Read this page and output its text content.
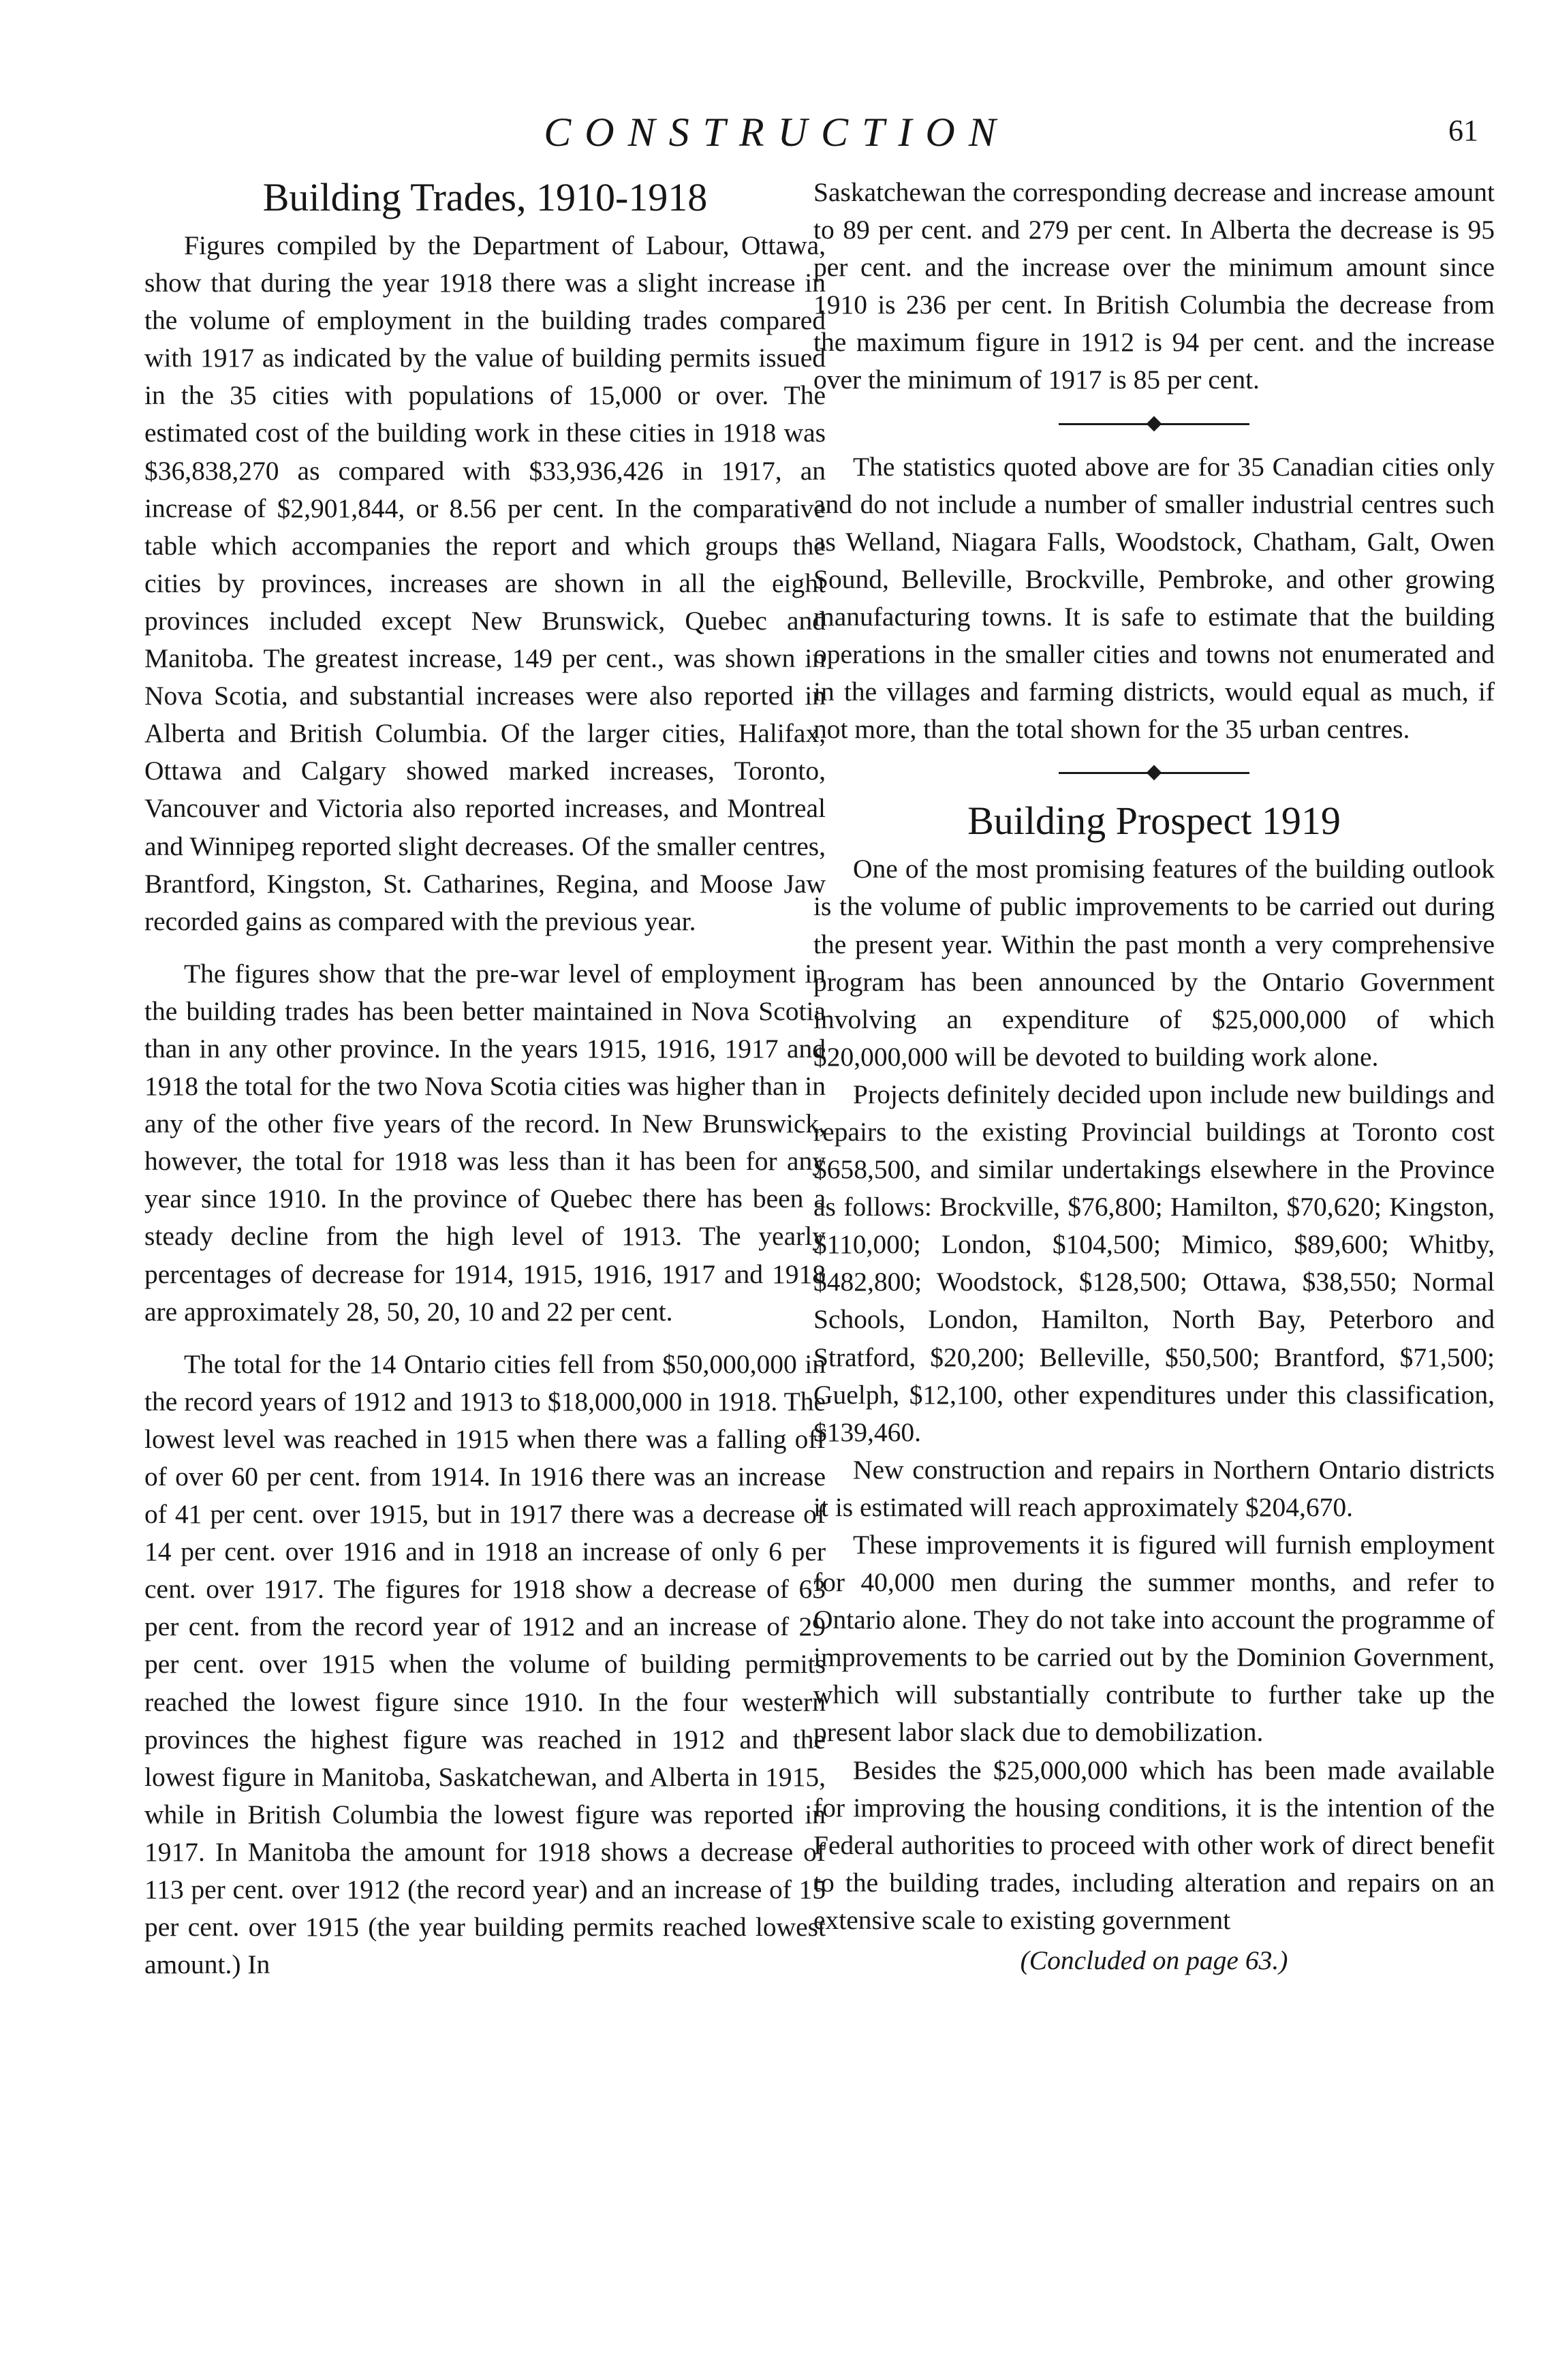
CONSTRUCTION	61
Building Trades, 1910-1918

Figures compiled by the Department of Labour, Ottawa, show that during the year 1918 there was a slight increase in the volume of employment in the building trades compared with 1917 as indicated by the value of building permits issued in the 35 cities with populations of 15,000 or over. The estimated cost of the building work in these cities in 1918 was $36,838,270 as compared with $33,936,426 in 1917, an increase of $2,901,844, or 8.56 per cent. In the comparative table which accompanies the report and which groups the cities by provinces, increases are shown in all the eight provinces included except New Brunswick, Quebec and Manitoba. The greatest increase, 149 per cent., was shown in Nova Scotia, and substantial increases were also reported in Alberta and British Columbia. Of the larger cities, Halifax, Ottawa and Calgary showed marked increases, Toronto, Vancouver and Victoria also reported increases, and Montreal and Winnipeg reported slight decreases. Of the smaller centres, Brantford, Kingston, St. Catharines, Regina, and Moose Jaw recorded gains as compared with the previous year.

The figures show that the pre-war level of employment in the building trades has been better maintained in Nova Scotia than in any other province. In the years 1915, 1916, 1917 and 1918 the total for the two Nova Scotia cities was higher than in any of the other five years of the record. In New Brunswick, however, the total for 1918 was less than it has been for any year since 1910. In the province of Quebec there has been a steady decline from the high level of 1913. The yearly percentages of decrease for 1914, 1915, 1916, 1917 and 1918 are approximately 28, 50, 20, 10 and 22 per cent.

The total for the 14 Ontario cities fell from $50,000,000 in the record years of 1912 and 1913 to $18,000,000 in 1918. The lowest level was reached in 1915 when there was a falling off of over 60 per cent. from 1914. In 1916 there was an increase of 41 per cent. over 1915, but in 1917 there was a decrease of 14 per cent. over 1916 and in 1918 an increase of only 6 per cent. over 1917. The figures for 1918 show a decrease of 63 per cent. from the record year of 1912 and an increase of 29 per cent. over 1915 when the volume of building permits reached the lowest figure since 1910. In the four western provinces the highest figure was reached in 1912 and the lowest figure in Manitoba, Saskatchewan, and Alberta in 1915, while in British Columbia the lowest figure was reported in 1917. In Manitoba the amount for 1918 shows a decrease of 113 per cent. over 1912 (the record year) and an increase of 15 per cent. over 1915 (the year building permits reached lowest amount.) In

Saskatchewan the corresponding decrease and increase amount to 89 per cent. and 279 per cent. In Alberta the decrease is 95 per cent. and the increase over the minimum amount since 1910 is 236 per cent. In British Columbia the decrease from the maximum figure in 1912 is 94 per cent. and the increase over the minimum of 1917 is 85 per cent.

The statistics quoted above are for 35 Canadian cities only and do not include a number of smaller industrial centres such as Welland, Niagara Falls, Woodstock, Chatham, Galt, Owen Sound, Belleville, Brockville, Pembroke, and other growing manufacturing towns. It is safe to estimate that the building operations in the smaller cities and towns not enumerated and in the villages and farming districts, would equal as much, if not more, than the total shown for the 35 urban centres.

Building Prospect 1919

One of the most promising features of the building outlook is the volume of public improvements to be carried out during the present year. Within the past month a very comprehensive program has been announced by the Ontario Government involving an expenditure of $25,000,000 of which $20,000,000 will be devoted to building work alone.

Projects definitely decided upon include new buildings and repairs to the existing Provincial buildings at Toronto cost $658,500, and similar undertakings elsewhere in the Province as follows: Brockville, $76,800; Hamilton, $70,620; Kingston, $110,000; London, $104,500; Mimico, $89,600; Whitby, $482,800; Woodstock, $128,500; Ottawa, $38,550; Normal Schools, London, Hamilton, North Bay, Peterboro and Stratford, $20,200; Belleville, $50,500; Brantford, $71,500; Guelph, $12,100, other expenditures under this classification, $139,460.

New construction and repairs in Northern Ontario districts it is estimated will reach approximately $204,670.

These improvements it is figured will furnish employment for 40,000 men during the summer months, and refer to Ontario alone. They do not take into account the programme of improvements to be carried out by the Dominion Government, which will substantially contribute to further take up the present labor slack due to demobilization.

Besides the $25,000,000 which has been made available for improving the housing conditions, it is the intention of the Federal authorities to proceed with other work of direct benefit to the building trades, including alteration and repairs on an extensive scale to existing government

(Concluded on page 63.)
